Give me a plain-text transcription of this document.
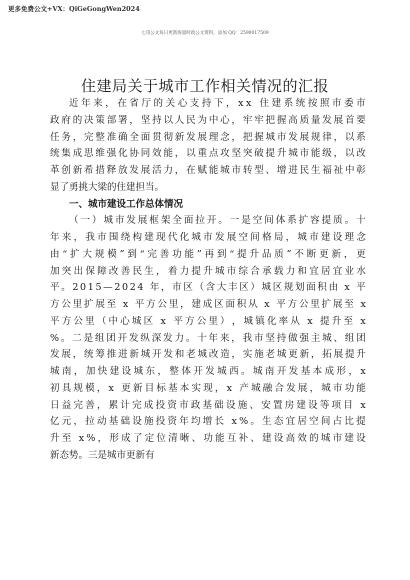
更多免费公文+VX：QiGeGongWen2024
七哥公文每日更新海量时政公文资料，添加 QQ：2590017509
住建局关于城市工作相关情况的汇报
近 年 来 ， 在 省 厅 的 关 心 支 持 下 ， x x
住 建 系 统 按 照 市 委 市
政 府 的 决 策 部 署 ， 坚 持 以 人 民 为 中 心 ， 牢 牢 把 握 高 质 量 发 展 首 要
任 务 ， 完 整 准 确 全 面 贯 彻 新 发 展 理 念 ， 把 握 城 市 发 展 规 律 ， 以 系
统 集 成 思 维 强 化 协 同 效 能 ， 以 重 点 攻 坚 突 破 提 升 城 市 能 级 ， 以 改
革 创 新 希 措 释 放 发 展 活 力 ， 在 赋 能 城 市 转 型 、 增 进 民 生 福 祉 中 彰
显了勇挑大梁的住建担当。
一、城市建设工作总体情况
（ 一 ） 城 市 发 展 框 架 全 面 拉 开 。 一 是 空 间 体 系 扩 容 提 质 。 十
年 来 ， 我 市 围 绕 构 建 现 代 化 城 市 发 展 空 间 格 局 ， 城 市 建 设 理 念
由 “ 扩 大 规 模 ” 到 “ 完 善 功 能 ” 再 到 “ 提 升 品 质 ” 不 断 更 新 ， 更
加 突 出 保 障 改 善 民 生 ， 着 力 提 升 城 市 综 合 承 载 力 和 宜 居 宜 业 水
平 。 2 0 1 5 — 2 0 2 4
年 ， 市 区 （ 含 大 丰 区 ） 城 区 规 划 面 积 由
x
平
方 公 里 扩 展 至
x
平 方 公 里 ， 建 成 区 面 积 从
x
平 方 公 里 扩 展 至
x
平 方 公 里 （ 中 心 城 区
x
平 方 公 里 ） ， 城 镇 化 率 从
x
提 升 至
x
% 。 二 是 组 团 开 发 纵 深 发 力 。 十 年 来 ， 我 市 坚 持 做 强 主 城 、 组 团
发 展 ， 统 筹 推 进 新 城 开 发 和 老 城 改 造 ， 实 施 老 城 更 新 ， 拓 展 提 升
城 南 ， 加 快 建 设 城 东 ， 整 体 开 发 城 西 。 城 南 开 发 基 本 成 形 ， x
初 具 规 模 ， x
更 新 目 标 基 本 实 现 ， x
产 城 融 合 发 展 ， 城 市 功 能
日 益 完 善 ， 累 计 完 成 投 资 市 政 基 础 设 施 、 安 置 房 建 设 等 项 目
x
亿 元 ， 拉 动 基 础 设 施 投 资 年 均 增 长
x % 。 生 态 宜 居 空 间 占 比 提
升 至
x % ， 形 成 了 定 位 清 晰 、 功 能 互 补 、 建 设 高 效 的 城 市 建 设
新态势。三是城市更新有
